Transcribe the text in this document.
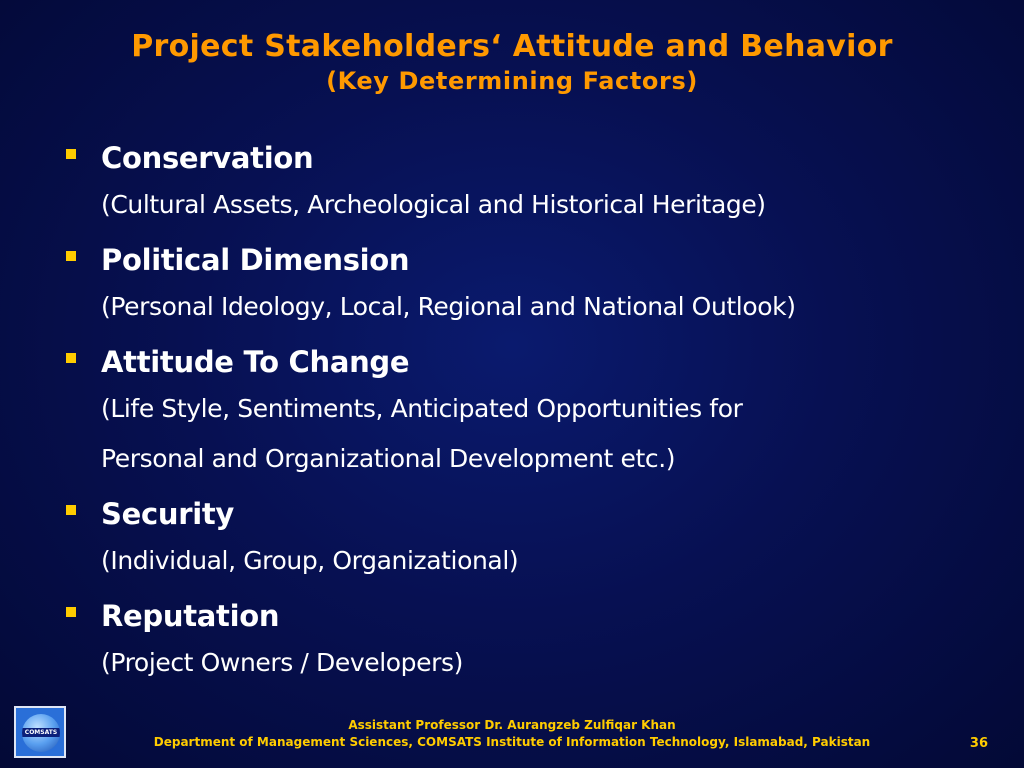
Project Stakeholders‘ Attitude and Behavior
(Key Determining Factors)
Conservation
(Cultural Assets, Archeological and Historical Heritage)
Political Dimension
(Personal Ideology, Local, Regional and National Outlook)
Attitude To Change
(Life Style, Sentiments, Anticipated Opportunities for
Personal and Organizational Development etc.)
Security
(Individual, Group, Organizational)
Reputation
(Project Owners / Developers)
COMSATS
Assistant Professor Dr. Aurangzeb Zulfiqar Khan
Department of Management Sciences, COMSATS Institute of Information Technology, Islamabad, Pakistan	36
